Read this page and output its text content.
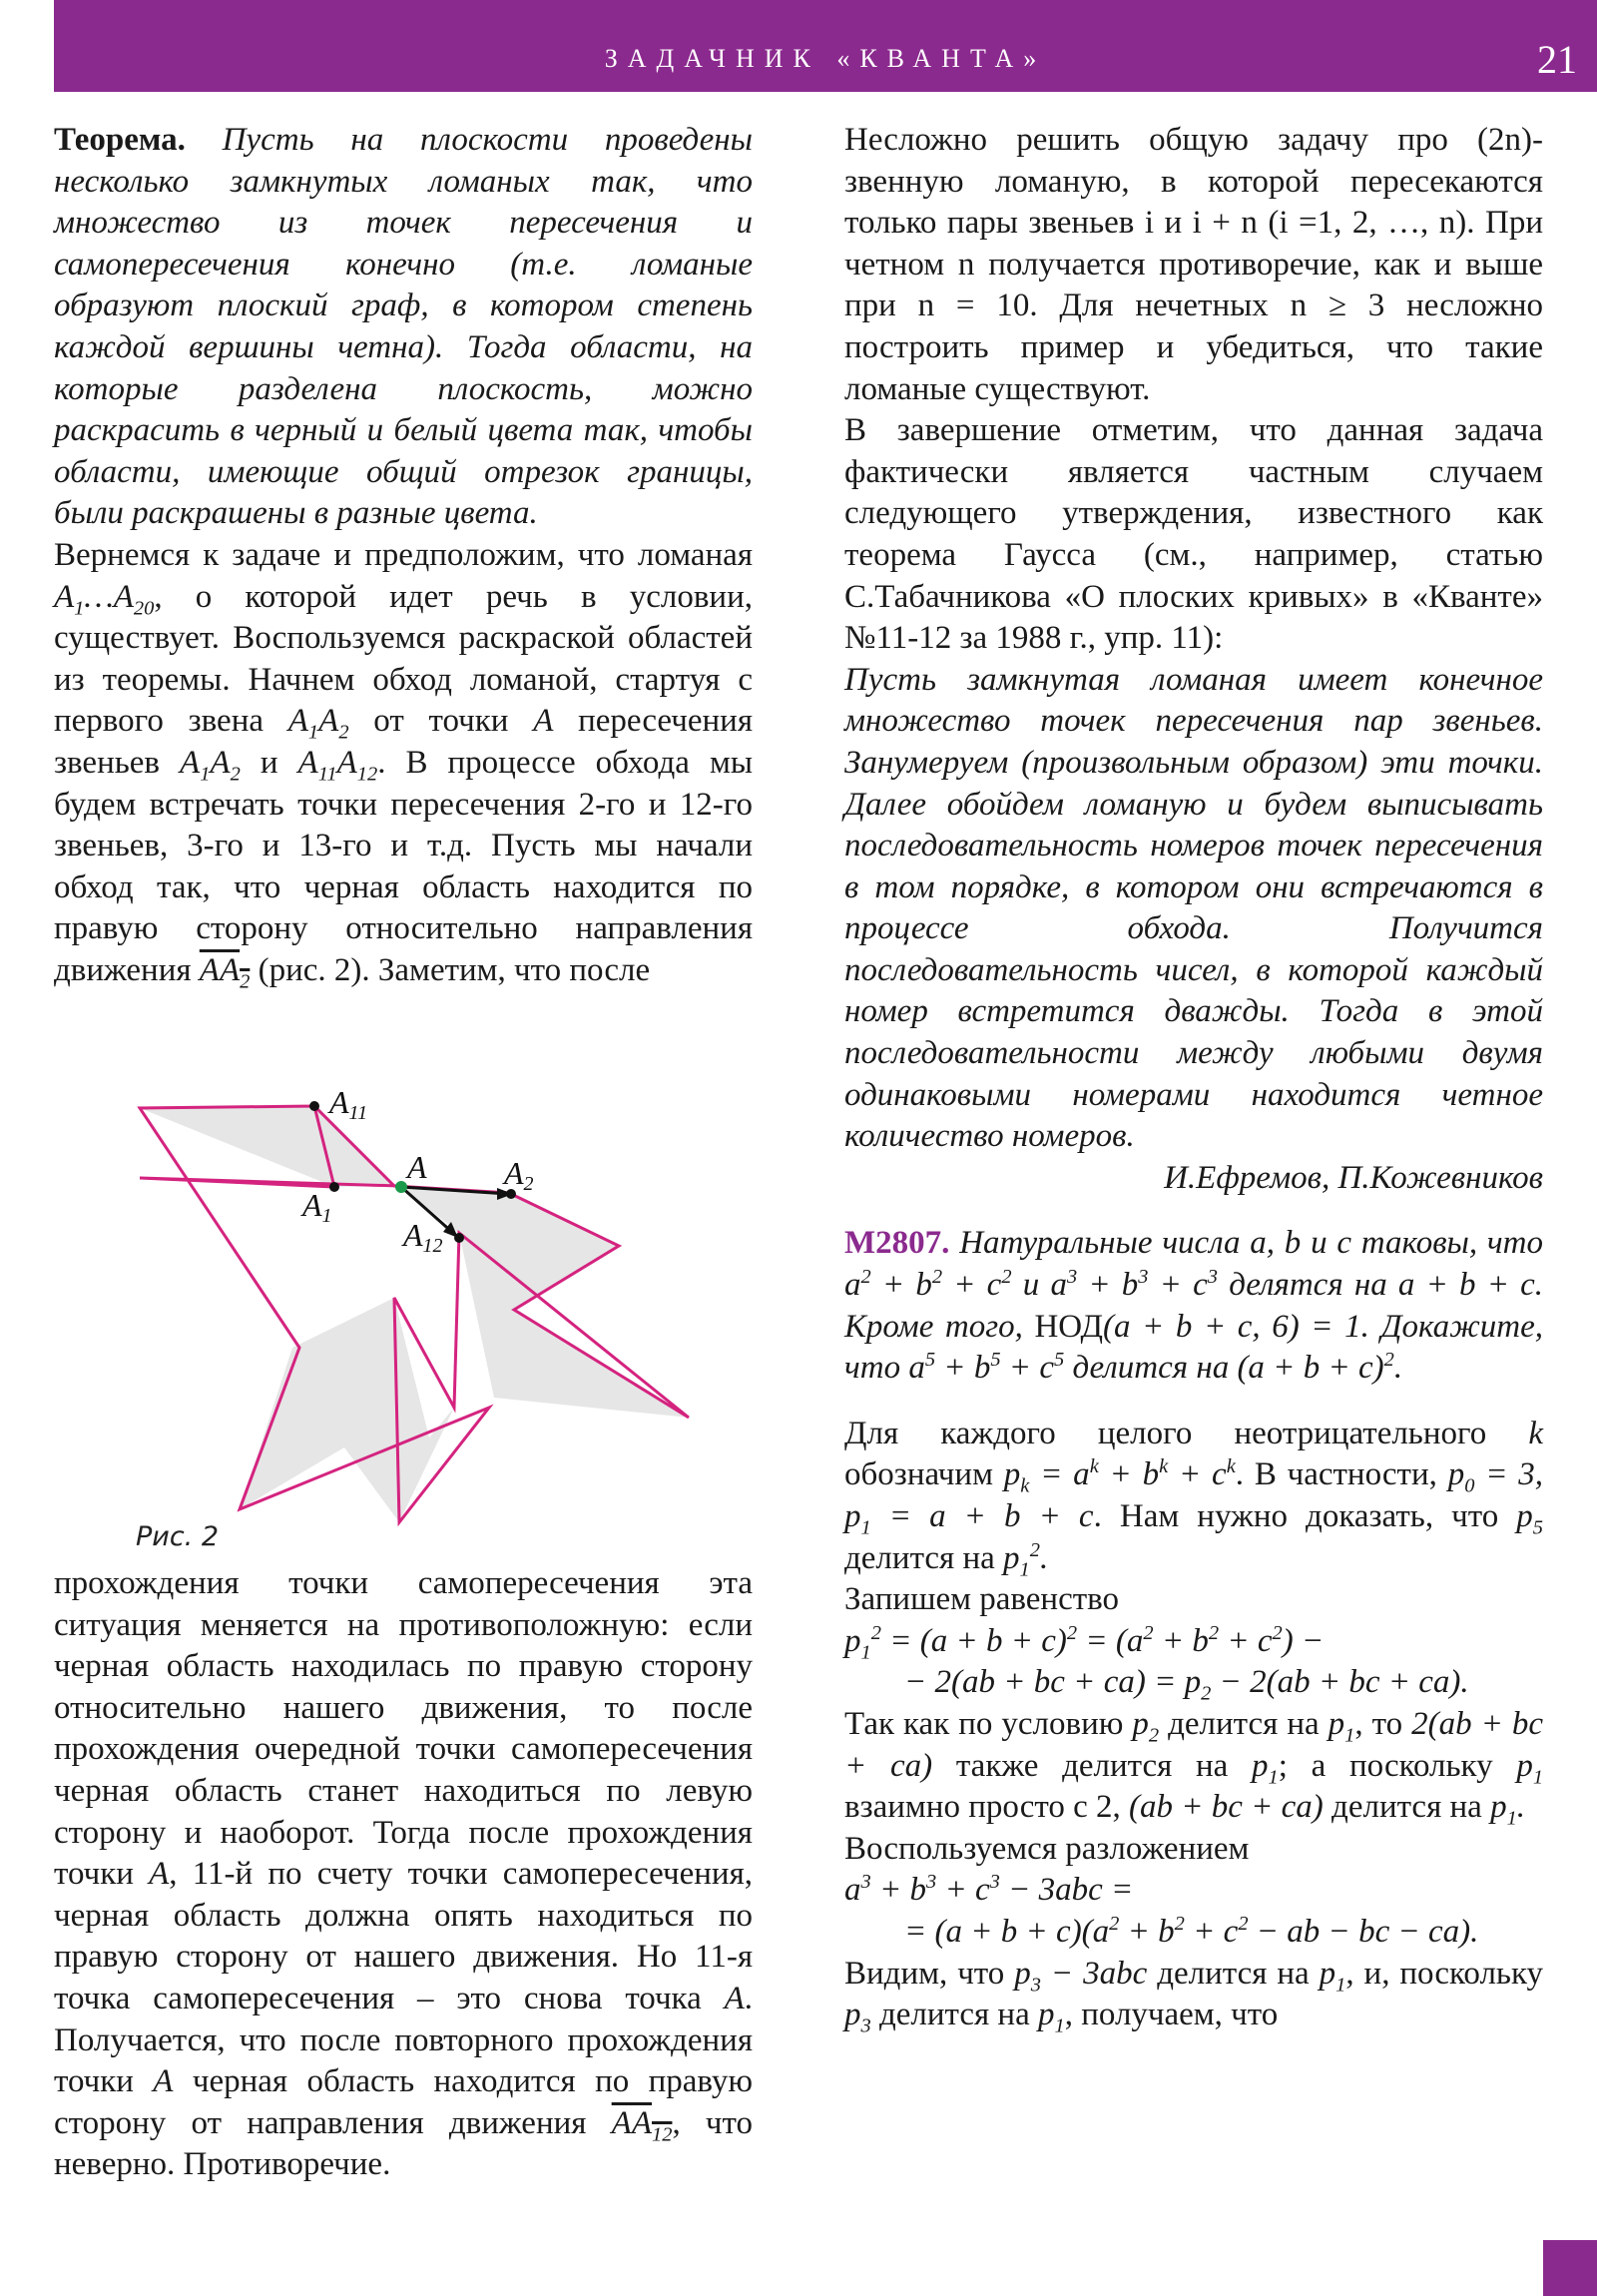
ЗАДАЧНИК «КВАНТА»	21

Теорема. Пусть на плоскости проведены несколько замкнутых ломаных так, что множество из точек пересечения и самопересечения конечно (т.е. ломаные образуют плоский граф, в котором степень каждой вершины четна). Тогда области, на которые разделена плоскость, можно раскрасить в черный и белый цвета так, чтобы области, имеющие общий отрезок границы, были раскрашены в разные цвета.

Вернемся к задаче и предположим, что ломаная $A_1\dots A_{20}$, о которой идет речь в условии, существует. Воспользуемся раскраской областей из теоремы. Начнем обход ломаной, стартуя с первого звена $A_1A_2$ от точки A пересечения звеньев $A_1A_2$ и $A_{11}A_{12}$. В процессе обхода мы будем встречать точки пересечения 2-го и 12-го звеньев, 3-го и 13-го и т.д. Пусть мы начали обход так, что черная область находится по правую сторону относительно направления движения $AA_2$ (рис. 2). Заметим, что после

A11
A A2
A1
A12
Рис. 2

прохождения точки самопересечения эта ситуация меняется на противоположную: если черная область находилась по правую сторону относительно нашего движения, то после прохождения очередной точки самопересечения черная область станет находиться по левую сторону и наоборот. Тогда после прохождения точки A, 11-й по счету точки самопересечения, черная область должна опять находиться по правую сторону от нашего движения. Но 11-я точка самопересечения – это снова точка A. Получается, что после повторного прохождения точки A черная область находится по правую сторону от направления движения $AA_{12}$, что неверно. Противоречие.

Несложно решить общую задачу про (2n)-звенную ломаную, в которой пересекаются только пары звеньев i и i + n (i =1, 2, …, n). При четном n получается противоречие, как и выше при n = 10. Для нечетных n ≥ 3 несложно построить пример и убедиться, что такие ломаные существуют.

В завершение отметим, что данная задача фактически является частным случаем следующего утверждения, известного как теорема Гаусса (см., например, статью С.Табачникова «О плоских кривых» в «Кванте» №11-12 за 1988 г., упр. 11):

Пусть замкнутая ломаная имеет конечное множество точек пересечения пар звеньев. Занумеруем (произвольным образом) эти точки. Далее обойдем ломаную и будем выписывать последовательность номеров точек пересечения в том порядке, в котором они встречаются в процессе обхода. Получится последовательность чисел, в которой каждый номер встретится дважды. Тогда в этой последовательности между любыми двумя одинаковыми номерами находится четное количество номеров.

И.Ефремов, П.Кожевников

М2807. Натуральные числа a, b и c таковы, что $a^2 + b^2 + c^2$ и $a^3 + b^3 + c^3$ делятся на a + b + c. Кроме того, НОД(a + b + c, 6) = 1. Докажите, что $a^5 + b^5 + c^5$ делится на $(a + b + c)^2$.

Для каждого целого неотрицательного k обозначим $p_k = a^k + b^k + c^k$. В частности, $p_0 = 3$, $p_1 = a + b + c$. Нам нужно доказать, что $p_5$ делится на $p_1^2$.

Запишем равенство

$p_1^2 = (a + b + c)^2 = (a^2 + b^2 + c^2)$ −

− 2(ab + bc + $ca) = p_2 - 2(ab$ + bc + ca).

Так как по условию $p_2$ делится на $p_1$, то 2(ab + bc + ca) также делится на $p_1$; а поскольку $p_1$ взаимно просто с 2, (ab + bc + ca) делится на $p_1$.

Воспользуемся разложением

$a^3 + b^3 + c^3 - 3abc$ =

= $(a + b + c)(a^2 + b^2 + c^2$ − ab − bc − ca).

Видим, что $p_3 - 3abc$ делится на $p_1$, и, поскольку $p_3$ делится на $p_1$, получаем, что
